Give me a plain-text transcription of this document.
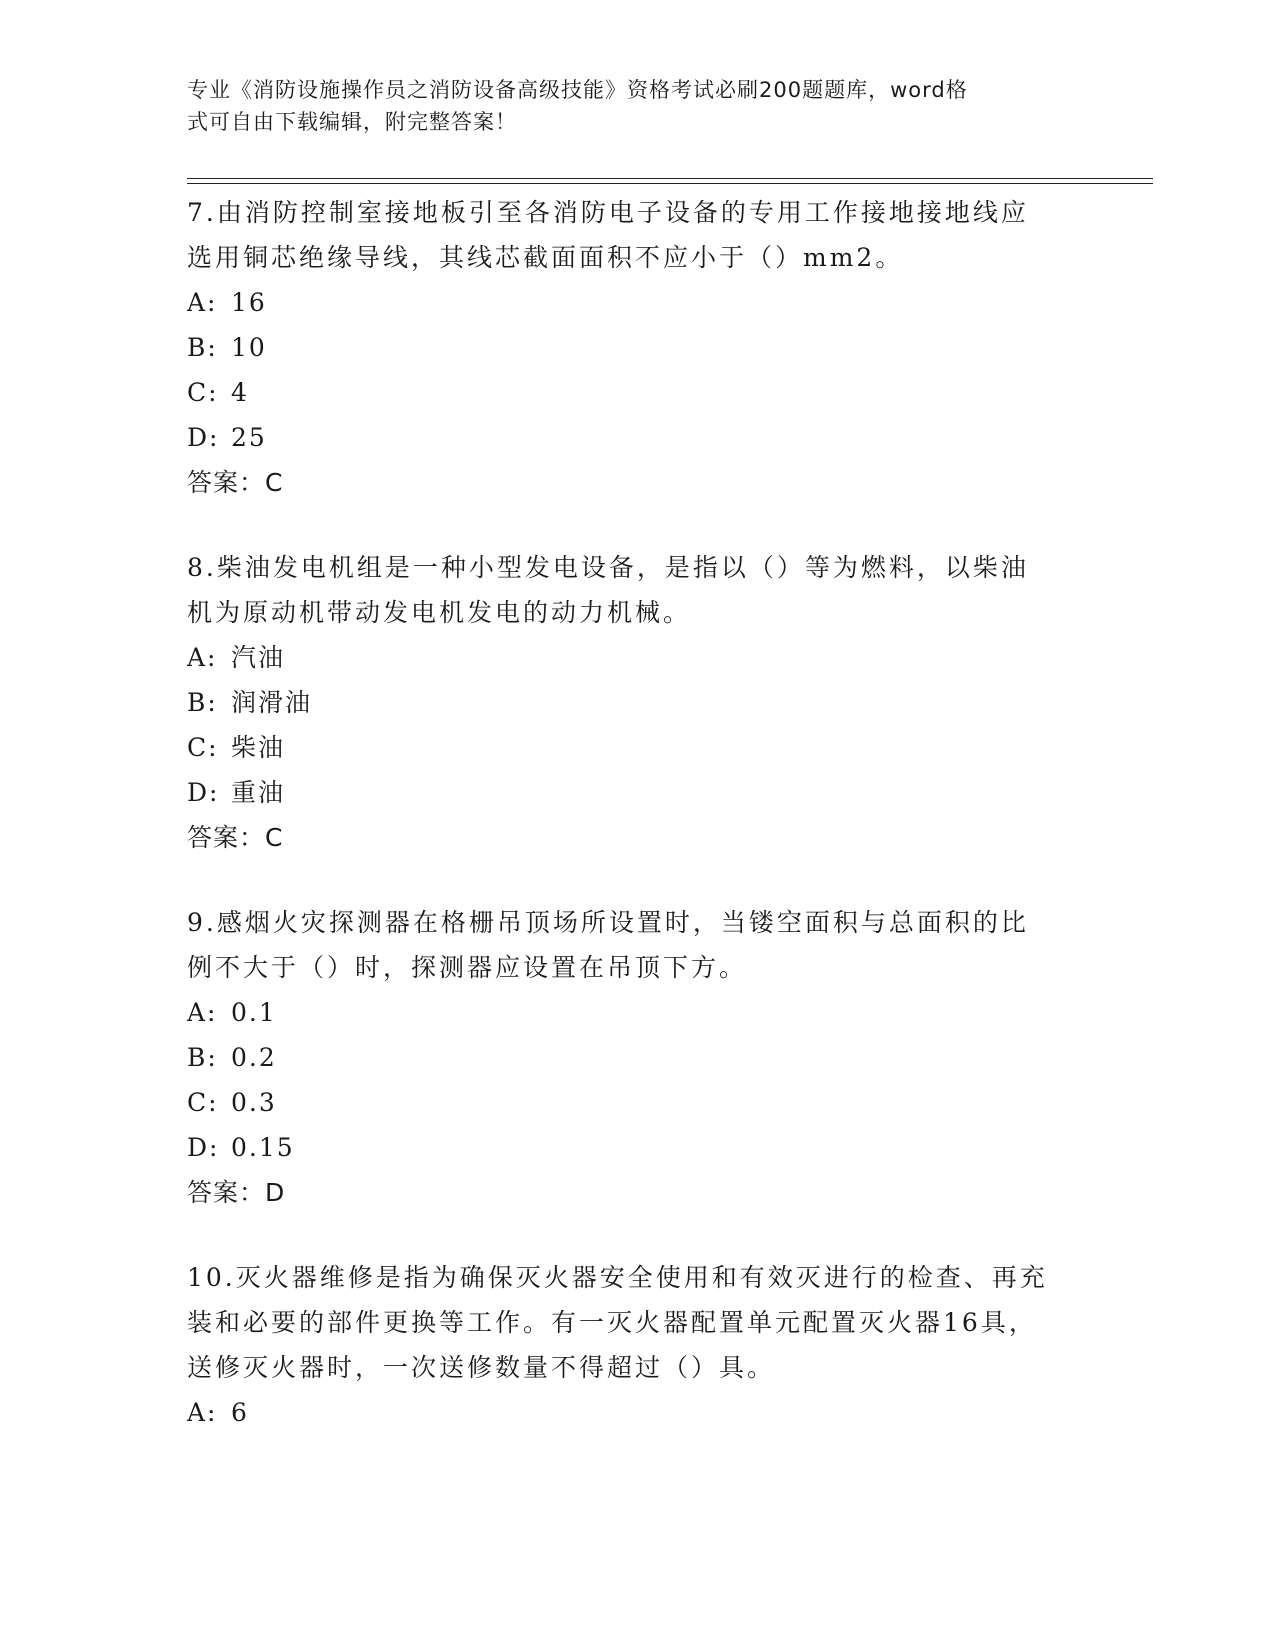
专业《消防设施操作员之消防设备高级技能》资格考试必刷200题题库，word格
式可自由下载编辑，附完整答案！

7.由消防控制室接地板引至各消防电子设备的专用工作接地接地线应

选用铜芯绝缘导线，其线芯截面面积不应小于（）mm2。

A: 16

B: 10

C: 4

D: 25

答案：C

8.柴油发电机组是一种小型发电设备，是指以（）等为燃料，以柴油

机为原动机带动发电机发电的动力机械。

A: 汽油

B: 润滑油

C: 柴油

D: 重油

答案：C

9.感烟火灾探测器在格栅吊顶场所设置时，当镂空面积与总面积的比

例不大于（）时，探测器应设置在吊顶下方。

A: 0.1

B: 0.2

C: 0.3

D: 0.15

答案：D

10.灭火器维修是指为确保灭火器安全使用和有效灭进行的检查、再充

装和必要的部件更换等工作。有一灭火器配置单元配置灭火器16具，

送修灭火器时，一次送修数量不得超过（）具。

A: 6
